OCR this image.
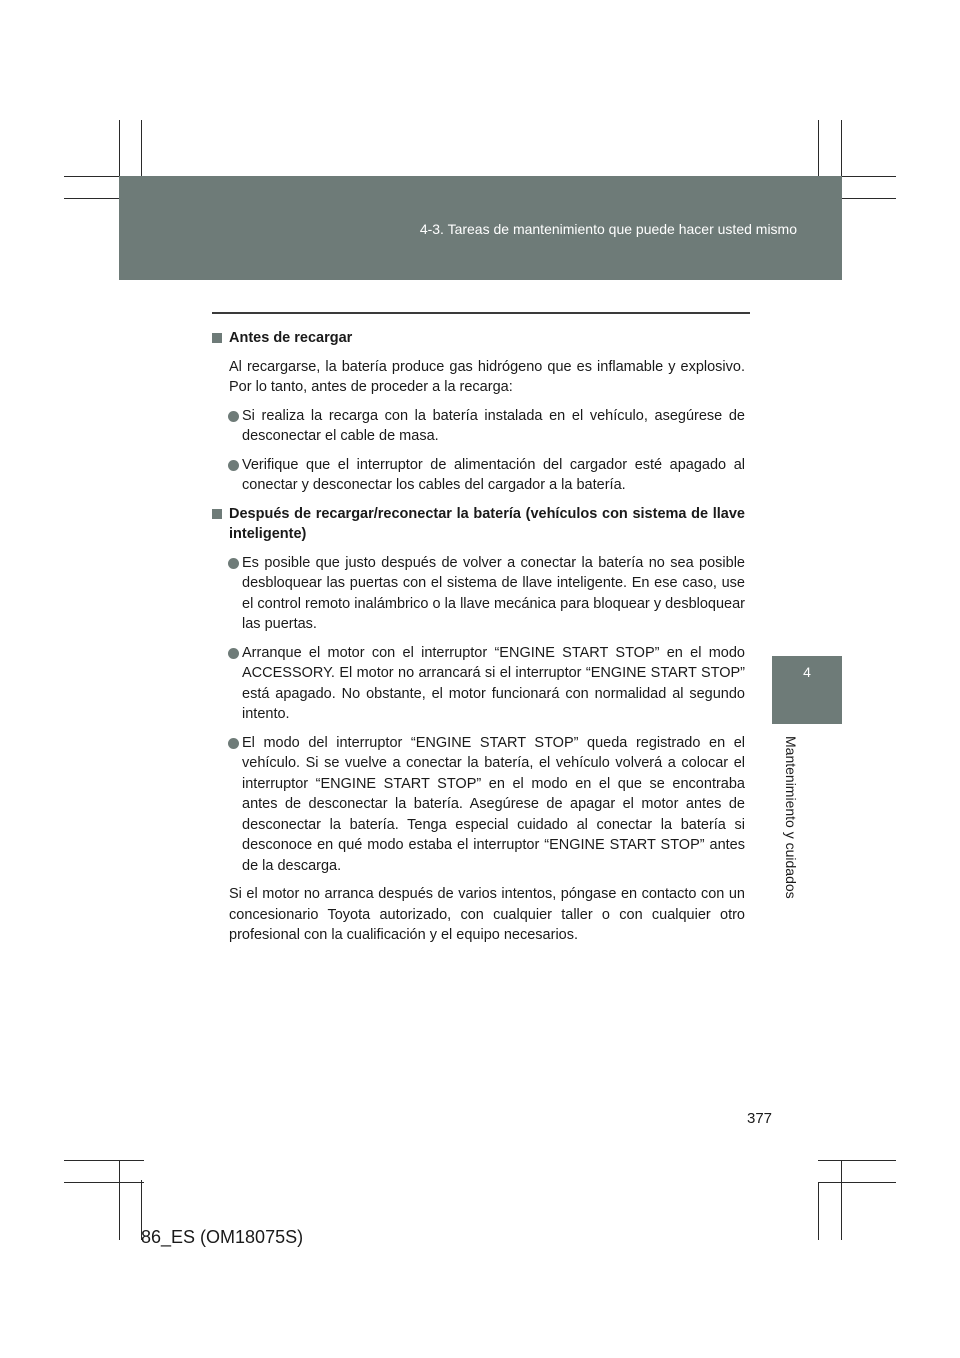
4-3. Tareas de mantenimiento que puede hacer usted mismo
4
Mantenimiento y cuidados
Antes de recargar
Al recargarse, la batería produce gas hidrógeno que es inflamable y explosivo. Por lo tanto, antes de proceder a la recarga:
Si realiza la recarga con la batería instalada en el vehículo, asegúrese de desconectar el cable de masa.
Verifique que el interruptor de alimentación del cargador esté apagado al conectar y desconectar los cables del cargador a la batería.
Después de recargar/reconectar la batería (vehículos con sistema de llave inteligente)
Es posible que justo después de volver a conectar la batería no sea posible desbloquear las puertas con el sistema de llave inteligente. En ese caso, use el control remoto inalámbrico o la llave mecánica para bloquear y desbloquear las puertas.
Arranque el motor con el interruptor “ENGINE START STOP” en el modo ACCESSORY. El motor no arrancará si el interruptor “ENGINE START STOP” está apagado. No obstante, el motor funcionará con normalidad al segundo intento.
El modo del interruptor “ENGINE START STOP” queda registrado en el vehículo. Si se vuelve a conectar la batería, el vehículo volverá a colocar el interruptor “ENGINE START STOP” en el modo en el que se encontraba antes de desconectar la batería. Asegúrese de apagar el motor antes de desconectar la batería. Tenga especial cuidado al conectar la batería si desconoce en qué modo estaba el interruptor “ENGINE START STOP” antes de la descarga.
Si el motor no arranca después de varios intentos, póngase en contacto con un concesionario Toyota autorizado, con cualquier taller o con cualquier otro profesional con la cualificación y el equipo necesarios.
377
86_ES (OM18075S)
